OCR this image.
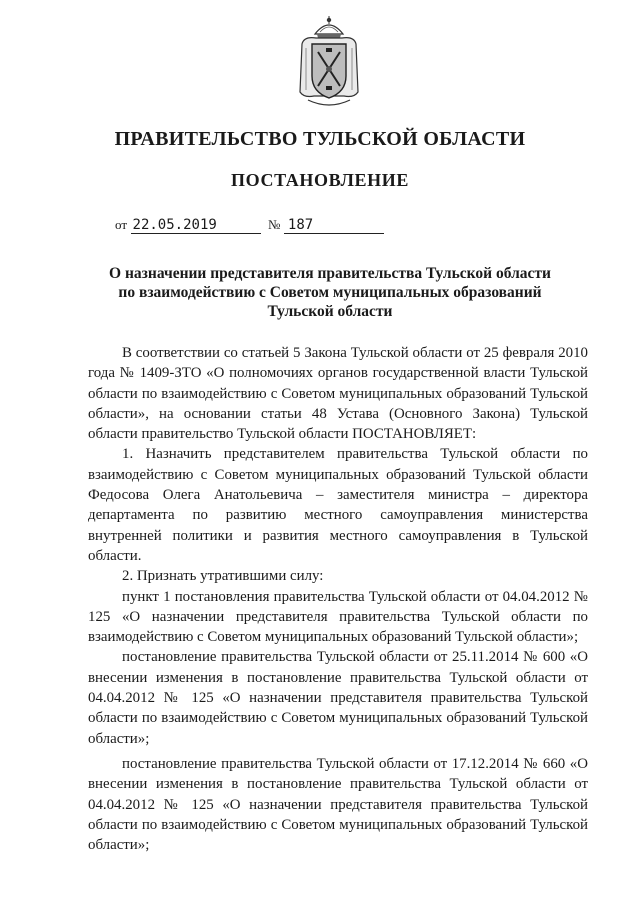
ПРАВИТЕЛЬСТВО ТУЛЬСКОЙ ОБЛАСТИ
ПОСТАНОВЛЕНИЕ
от 22.05.2019	№ 187
О назначении представителя правительства Тульской области
по взаимодействию с Советом муниципальных образований
Тульской области

В соответствии со статьей 5 Закона Тульской области от 25 февраля 2010 года № 1409-ЗТО «О полномочиях органов государственной власти Тульской области по взаимодействию с Советом муниципальных образований Тульской области», на основании статьи 48 Устава (Основного Закона) Тульской области правительство Тульской области ПОСТАНОВЛЯЕТ:

1. Назначить представителем правительства Тульской области по взаимодействию с Советом муниципальных образований Тульской области Федосова Олега Анатольевича – заместителя министра – директора департамента по развитию местного самоуправления министерства внутренней политики и развития местного самоуправления в Тульской области.

2. Признать утратившими силу:

пункт 1 постановления правительства Тульской области от 04.04.2012 № 125 «О назначении представителя правительства Тульской области по взаимодействию с Советом муниципальных образований Тульской области»;

постановление правительства Тульской области от 25.11.2014 № 600 «О внесении изменения в постановление правительства Тульской области от 04.04.2012 № 125 «О назначении представителя правительства Тульской области по взаимодействию с Советом муниципальных образований Тульской области»;

постановление правительства Тульской области от 17.12.2014 № 660 «О внесении изменения в постановление правительства Тульской области от 04.04.2012 № 125 «О назначении представителя правительства Тульской области по взаимодействию с Советом муниципальных образований Тульской области»;
